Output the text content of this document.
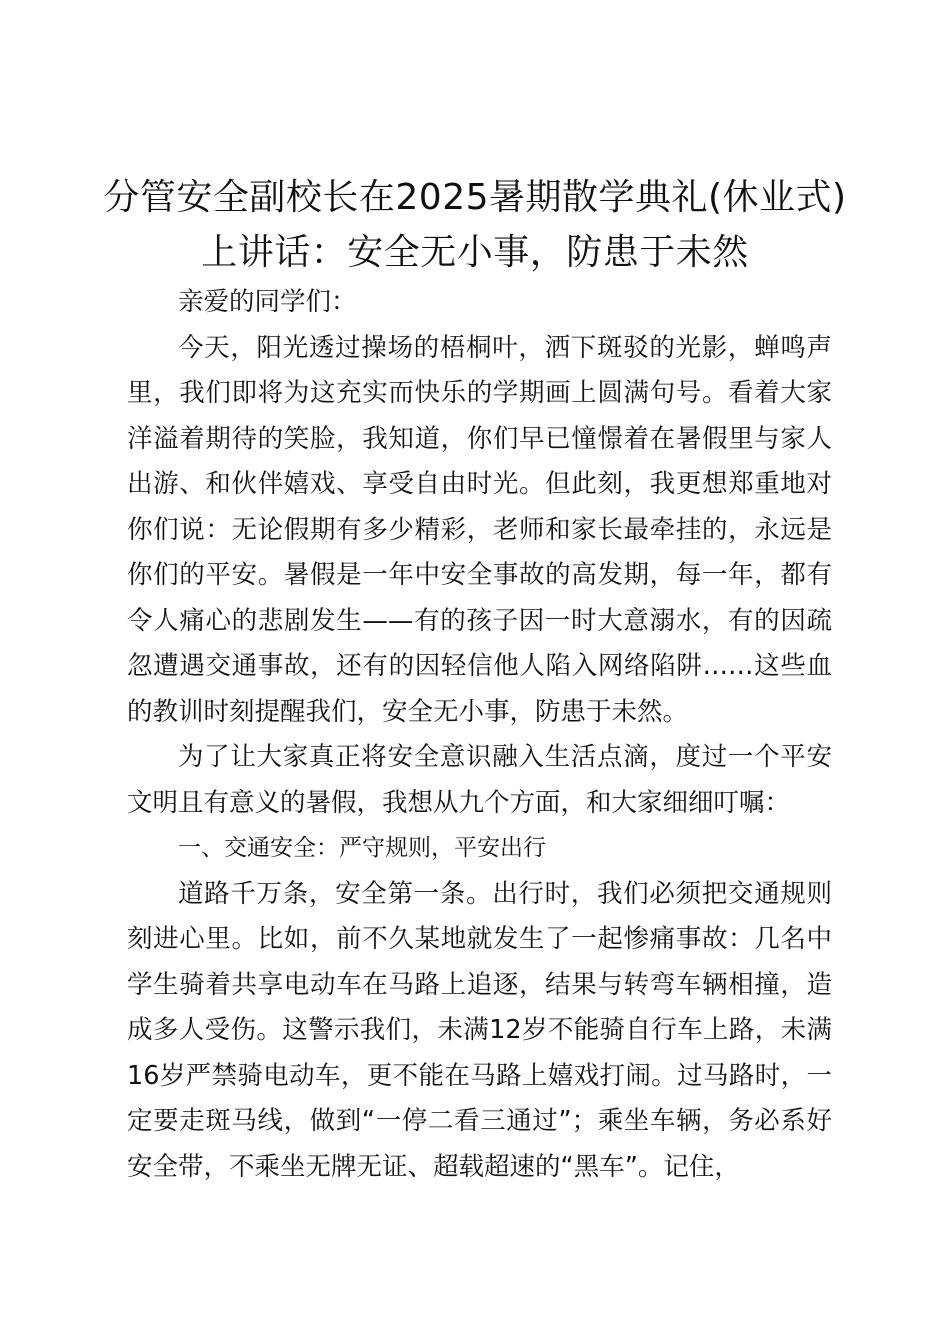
分管安全副校长在2025暑期散学典礼(休业式)上讲话：安全无小事，防患于未然

亲爱的同学们：

今天，阳光透过操场的梧桐叶，洒下斑驳的光影，蝉鸣声里，我们即将为这充实而快乐的学期画上圆满句号。看着大家洋溢着期待的笑脸，我知道，你们早已憧憬着在暑假里与家人出游、和伙伴嬉戏、享受自由时光。但此刻，我更想郑重地对你们说：无论假期有多少精彩，老师和家长最牵挂的，永远是你们的平安。暑假是一年中安全事故的高发期，每一年，都有令人痛心的悲剧发生——有的孩子因一时大意溺水，有的因疏忽遭遇交通事故，还有的因轻信他人陷入网络陷阱……这些血的教训时刻提醒我们，安全无小事，防患于未然。

为了让大家真正将安全意识融入生活点滴，度过一个平安文明且有意义的暑假，我想从九个方面，和大家细细叮嘱：

一、交通安全：严守规则，平安出行

道路千万条，安全第一条。出行时，我们必须把交通规则刻进心里。比如，前不久某地就发生了一起惨痛事故：几名中学生骑着共享电动车在马路上追逐，结果与转弯车辆相撞，造成多人受伤。这警示我们，未满12岁不能骑自行车上路，未满16岁严禁骑电动车，更不能在马路上嬉戏打闹。过马路时，一定要走斑马线，做到“一停二看三通过”；乘坐车辆，务必系好安全带，不乘坐无牌无证、超载超速的“黑车”。记住，
